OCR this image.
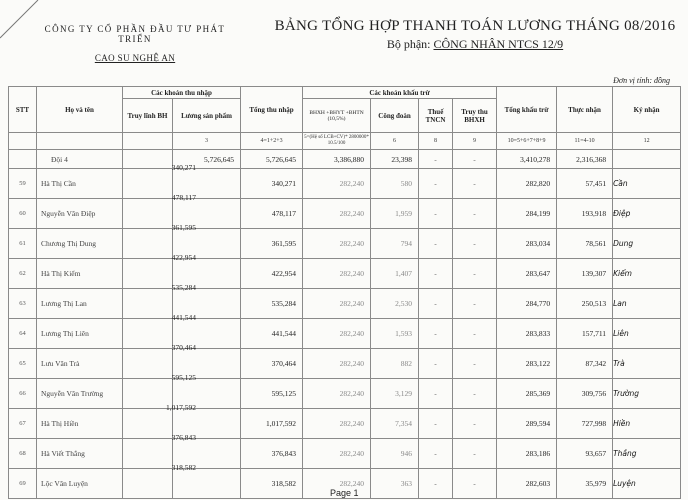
CÔNG TY CỔ PHẦN ĐẦU TƯ PHÁT TRIỂN
CAO SU NGHỆ AN
BẢNG TỔNG HỢP THANH TOÁN LƯƠNG THÁNG 08/2016
Bộ phận: CÔNG NHÂN NTCS 12/9
Đơn vị tính: đồng
STT	Họ và tên	Các khoản thu nhập		Tổng thu nhập	Các khoản khấu trừ				Tổng khấu trừ	Thực nhận	Ký nhận
		Truy lĩnh BH	Lương sản phẩm		BHXH +BHYT +BHTN (10,5%)	Công đoàn	Thuế TNCN	Truy thu BHXH			
			3	4=1+2+3	5=(Hệ số LCB+CV)* 2800000* 10.5/100	6	8	9	10=5+6+7+8+9	11=4-10	12
	Đội 4		5,726,645	5,726,645	3,386,880	23,398	-	-	3,410,278	2,316,368	
59	Hà Thị Cần		340,271	340,271	282,240	580	-	-	282,820	57,451	Cần
60	Nguyễn Văn Điệp		478,117	478,117	282,240	1,959	-	-	284,199	193,918	Điệp
61	Chương Thị Dung		361,595	361,595	282,240	794	-	-	283,034	78,561	Dung
62	Hà Thị Kiểm		422,954	422,954	282,240	1,407	-	-	283,647	139,307	Kiểm
63	Lương Thị Lan		535,284	535,284	282,240	2,530	-	-	284,770	250,513	Lan
64	Lương Thị Liên		441,544	441,544	282,240	1,593	-	-	283,833	157,711	Liên
65	Lưu Văn Trà		370,464	370,464	282,240	882	-	-	283,122	87,342	Trà
66	Nguyễn Văn Trường		595,125	595,125	282,240	3,129	-	-	285,369	309,756	Trường
67	Hà Thị Hiền		1,017,592	1,017,592	282,240	7,354	-	-	289,594	727,998	Hiền
68	Hà Viết Thắng		376,843	376,843	282,240	946	-	-	283,186	93,657	Thắng
69	Lộc Văn Luyện		318,582	318,582	282,240	363	-	-	282,603	35,979	Luyện
Page 1
